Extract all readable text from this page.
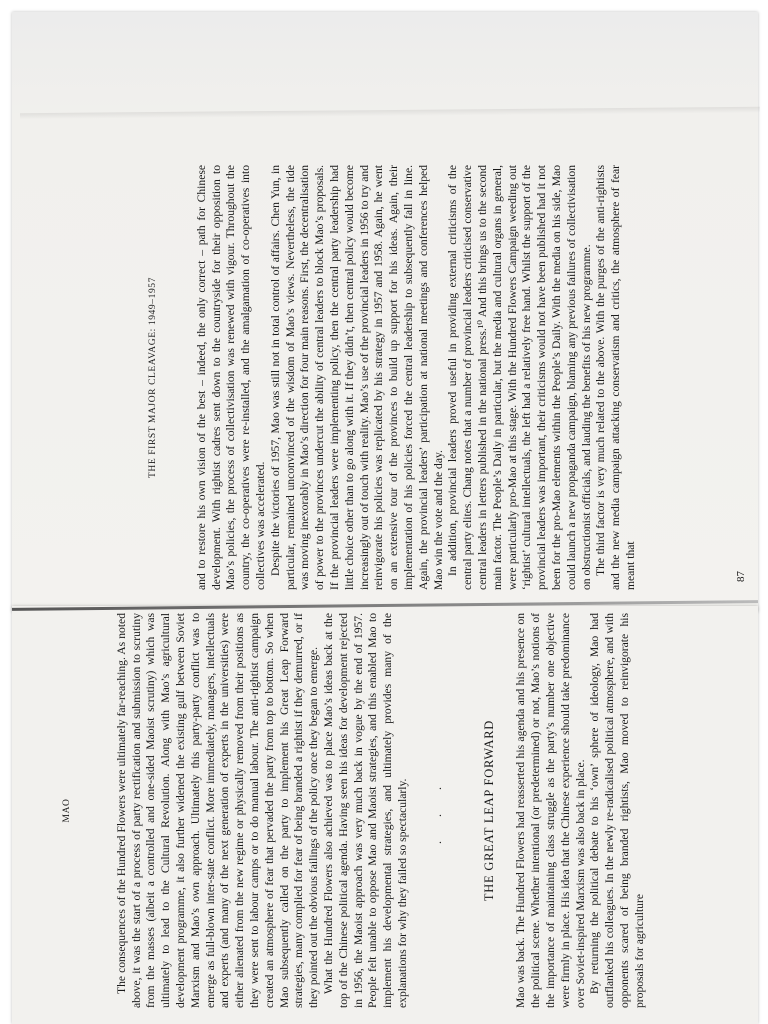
THE FIRST MAJOR CLEAVAGE: 1949–1957	and to restore his own vision of the best – indeed, the only correct – path for Chinese development. With rightist cadres sent down to the countryside for their opposition to Mao’s policies, the process of collectivisation was renewed with vigour. Throughout the country, the co-operatives were re-installed, and the amalgamation of co-operatives into collectives was accelerated. Despite the victories of 1957, Mao was still not in total control of affairs. Chen Yun, in particular, remained unconvinced of the wisdom of Mao’s views. Nevertheless, the tide was moving inexorably in Mao’s direction for four main reasons. First, the decentralisation of power to the provinces undercut the ability of central leaders to block Mao’s proposals. If the provincial leaders were implementing policy, then the central party leadership had little choice other than to go along with it. If they didn’t, then central policy would become increasingly out of touch with reality. Mao’s use of the provincial leaders in 1956 to try and reinvigorate his policies was replicated by his strategy in 1957 and 1958. Again, he went on an extensive tour of the provinces to build up support for his ideas. Again, their implementation of his policies forced the central leadership to subsequently fall in line. Again, the provincial leaders’ participation at national meetings and conferences helped Mao win the vote and the day. In addition, provincial leaders proved useful in providing external criticisms of the central party elites. Chang notes that a number of provincial leaders criticised conservative central leaders in letters published in the national press.¹⁰ And this brings us to the second main factor. The People’s Daily in particular, but the media and cultural organs in general, were particularly pro-Mao at this stage. With the Hundred Flowers Campaign weeding out ‘rightist’ cultural intellectuals, the left had a relatively free hand. Whilst the support of the provincial leaders was important, their criticisms would not have been published had it not been for the pro-Mao elements within the People’s Daily. With the media on his side, Mao could launch a new propaganda campaign, blaming any previous failures of collectivisation on obstructionist officials, and lauding the benefits of his new programme. The third factor is very much related to the above. With the purges of the anti-rightists and the new media campaign attacking conservatism and critics, the atmosphere of fear meant that	87
MAO	The consequences of the Hundred Flowers were ultimately far-reaching. As noted above, it was the start of a process of party rectification and submission to scrutiny from the masses (albeit a controlled and one-sided Maoist scrutiny) which was ultimately to lead to the Cultural Revolution. Along with Mao’s agricultural development programme, it also further widened the existing gulf between Soviet Marxism and Mao’s own approach. Ultimately this party-party conflict was to emerge as full-blown inter-state conflict. More immediately, managers, intellectuals and experts (and many of the next generation of experts in the universities) were either alienated from the new regime or physically removed from their positions as they were sent to labour camps or to do manual labour. The anti-rightist campaign created an atmosphere of fear that pervaded the party from top to bottom. So when Mao subsequently called on the party to implement his Great Leap Forward strategies, many complied for fear of being branded a rightist if they demurred, or if they pointed out the obvious failings of the policy once they began to emerge. What the Hundred Flowers also achieved was to place Mao’s ideas back at the top of the Chinese political agenda. Having seen his ideas for development rejected in 1956, the Maoist approach was very much back in vogue by the end of 1957. People felt unable to oppose Mao and Maoist strategies, and this enabled Mao to implement his developmental strategies, and ultimately provides many of the explanations for why they failed so spectacularly. · · ·	THE GREAT LEAP FORWARD Mao was back. The Hundred Flowers had reasserted his agenda and his presence on the political scene. Whether intentional (or predetermined) or not, Mao’s notions of the importance of maintaining class struggle as the party’s number one objective were firmly in place. His idea that the Chinese experience should take predominance over Soviet-inspired Marxism was also back in place. By returning the political debate to his ‘own’ sphere of ideology, Mao had outflanked his colleagues. In the newly re-radicalised political atmosphere, and with opponents scared of being branded rightists, Mao moved to reinvigorate his proposals for agriculture
